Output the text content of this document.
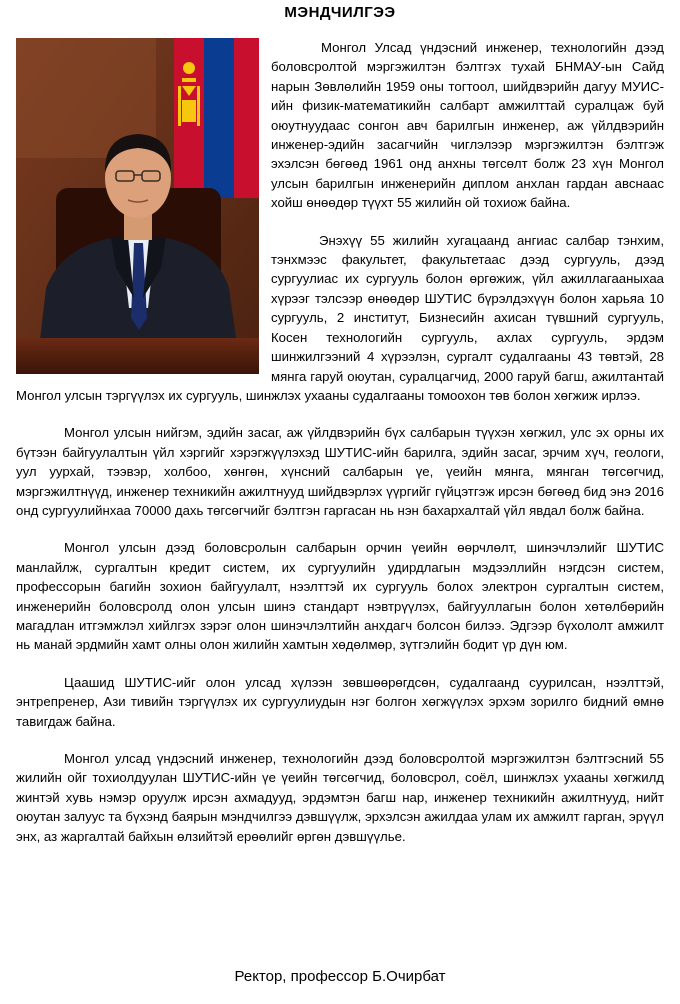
МЭНДЧИЛГЭЭ

Монгол Улсад үндэсний инженер, технологийн дээд боловсролтой мэргэжилтэн бэлтгэх тухай БНМАУ-ын Сайд нарын Зөвлөлийн 1959 оны тогтоол, шийдвэрийн дагуу МУИС-ийн физик-математикийн салбарт амжилттай суралцаж буй оюутнуудаас сонгон авч барилгын инженер, аж үйлдвэрийн инженер-эдийн засагчийн чиглэлээр мэргэжилтэн бэлтгэж эхэлсэн бөгөөд 1961 онд анхны төгсөлт болж 23 хүн Монгол улсын барилгын инженерийн диплом анхлан гардан авснаас хойш өнөөдөр түүхт 55 жилийн ой тохиож байна.

Энэхүү 55 жилийн хугацаанд ангиас салбар тэнхим, тэнхмээс факультет, факультетаас дээд сургууль, дээд сургуулиас их сургууль болон өргөжиж, үйл ажиллагааныхаа хүрээг тэлсээр өнөөдөр ШУТИС бүрэлдэхүүн болон харьяа 10 сургууль, 2 институт, Бизнесийн ахисан түвшний сургууль, Косен технологийн сургууль, ахлах сургууль, эрдэм шинжилгээний 4 хүрээлэн, сургалт судалгааны 43 төвтэй, 28 мянга гаруй оюутан, суралцагчид, 2000 гаруй багш, ажилтантай Монгол улсын тэргүүлэх их сургууль, шинжлэх ухааны судалгааны томоохон төв болон хөгжиж ирлээ.

Монгол улсын нийгэм, эдийн засаг, аж үйлдвэрийн бүх салбарын түүхэн хөгжил, улс эх орны их бүтээн байгуулалтын үйл хэргийг хэрэгжүүлэхэд ШУТИС-ийн барилга, эдийн засаг, эрчим хүч, геологи, уул уурхай, тээвэр, холбоо, хөнгөн, хүнсний салбарын үе, үеийн мянга, мянган төгсөгчид, мэргэжилтнүүд, инженер техникийн ажилтнууд шийдвэрлэх үүргийг гүйцэтгэж ирсэн бөгөөд бид энэ 2016 онд сургуулийнхаа 70000 дахь төгсөгчийг бэлтгэн гаргасан нь нэн бахархалтай үйл явдал болж байна.

Монгол улсын дээд боловсролын салбарын орчин үеийн өөрчлөлт, шинэчлэлийг ШУТИС манлайлж, сургалтын кредит систем, их сургуулийн удирдлагын мэдээллийн нэгдсэн систем, профессорын багийн зохион байгуулалт, нээлттэй их сургууль болох электрон сургалтын систем, инженерийн боловсролд олон улсын шинэ стандарт нэвтрүүлэх, байгууллагын болон хөтөлбөрийн магадлан итгэмжлэл хийлгэх зэрэг олон шинэчлэлтийн анхдагч болсон билээ. Эдгээр бүхололт амжилт нь манай эрдмийн хамт олны олон жилийн хамтын хөдөлмөр, зүтгэлийн бодит үр дүн юм.

Цаашид ШУТИС-ийг олон улсад хүлээн зөвшөөрөгдсөн, судалгаанд суурилсан, нээлттэй, энтрепренер, Ази тивийн тэргүүлэх их сургуулиудын нэг болгон хөгжүүлэх эрхэм зорилго бидний өмнө тавигдаж байна.

Монгол улсад үндэсний инженер, технологийн дээд боловсролтой мэргэжилтэн бэлтгэсний 55 жилийн ойг тохиолдуулан ШУТИС-ийн үе үеийн төгсөгчид, боловсрол, соёл, шинжлэх ухааны хөгжилд жинтэй хувь нэмэр оруулж ирсэн ахмадууд, эрдэмтэн багш нар, инженер техникийн ажилтнууд, нийт оюутан залуус та бүхэнд баярын мэндчилгээ дэвшүүлж, эрхэлсэн ажилдаа улам их амжилт гарган, эрүүл энх, аз жаргалтай байхын өлзийтэй ерөөлийг өргөн дэвшүүлье.

Ректор, профессор Б.Очирбат
